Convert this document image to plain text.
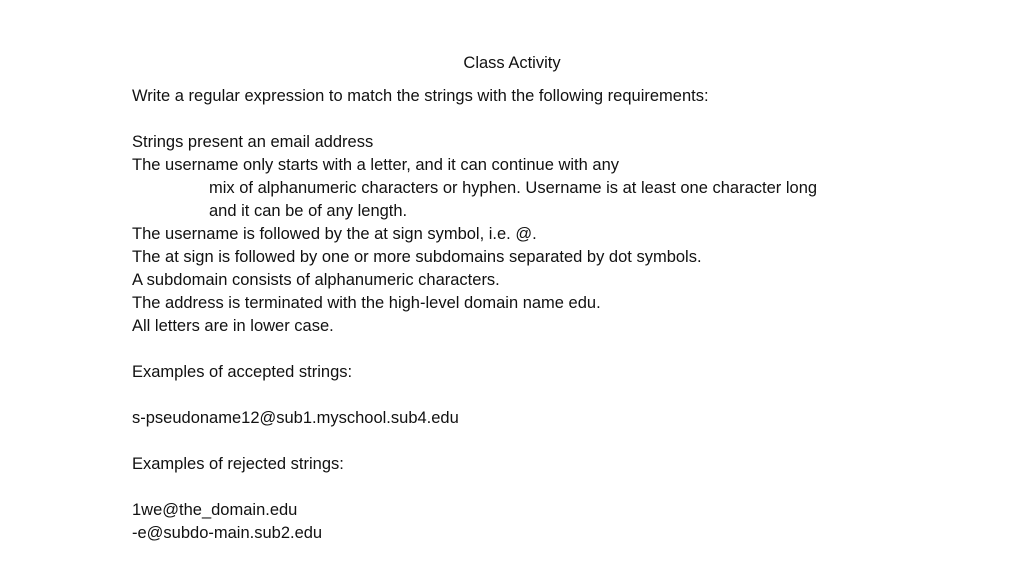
Class Activity
Write a regular expression to match the strings with the following requirements:
Strings present an email address
The username only starts with a letter, and it can continue with any
mix of alphanumeric characters or hyphen. Username is at least one character long
and it can be of any length.
The username is followed by the at sign symbol, i.e. @.
The at sign is followed by one or more subdomains separated by dot symbols.
A subdomain consists of alphanumeric characters.
The address is terminated with the high-level domain name edu.
All letters are in lower case.
Examples of accepted strings:
s-pseudoname12@sub1.myschool.sub4.edu
Examples of rejected strings:
1we@the_domain.edu
-e@subdo-main.sub2.edu
